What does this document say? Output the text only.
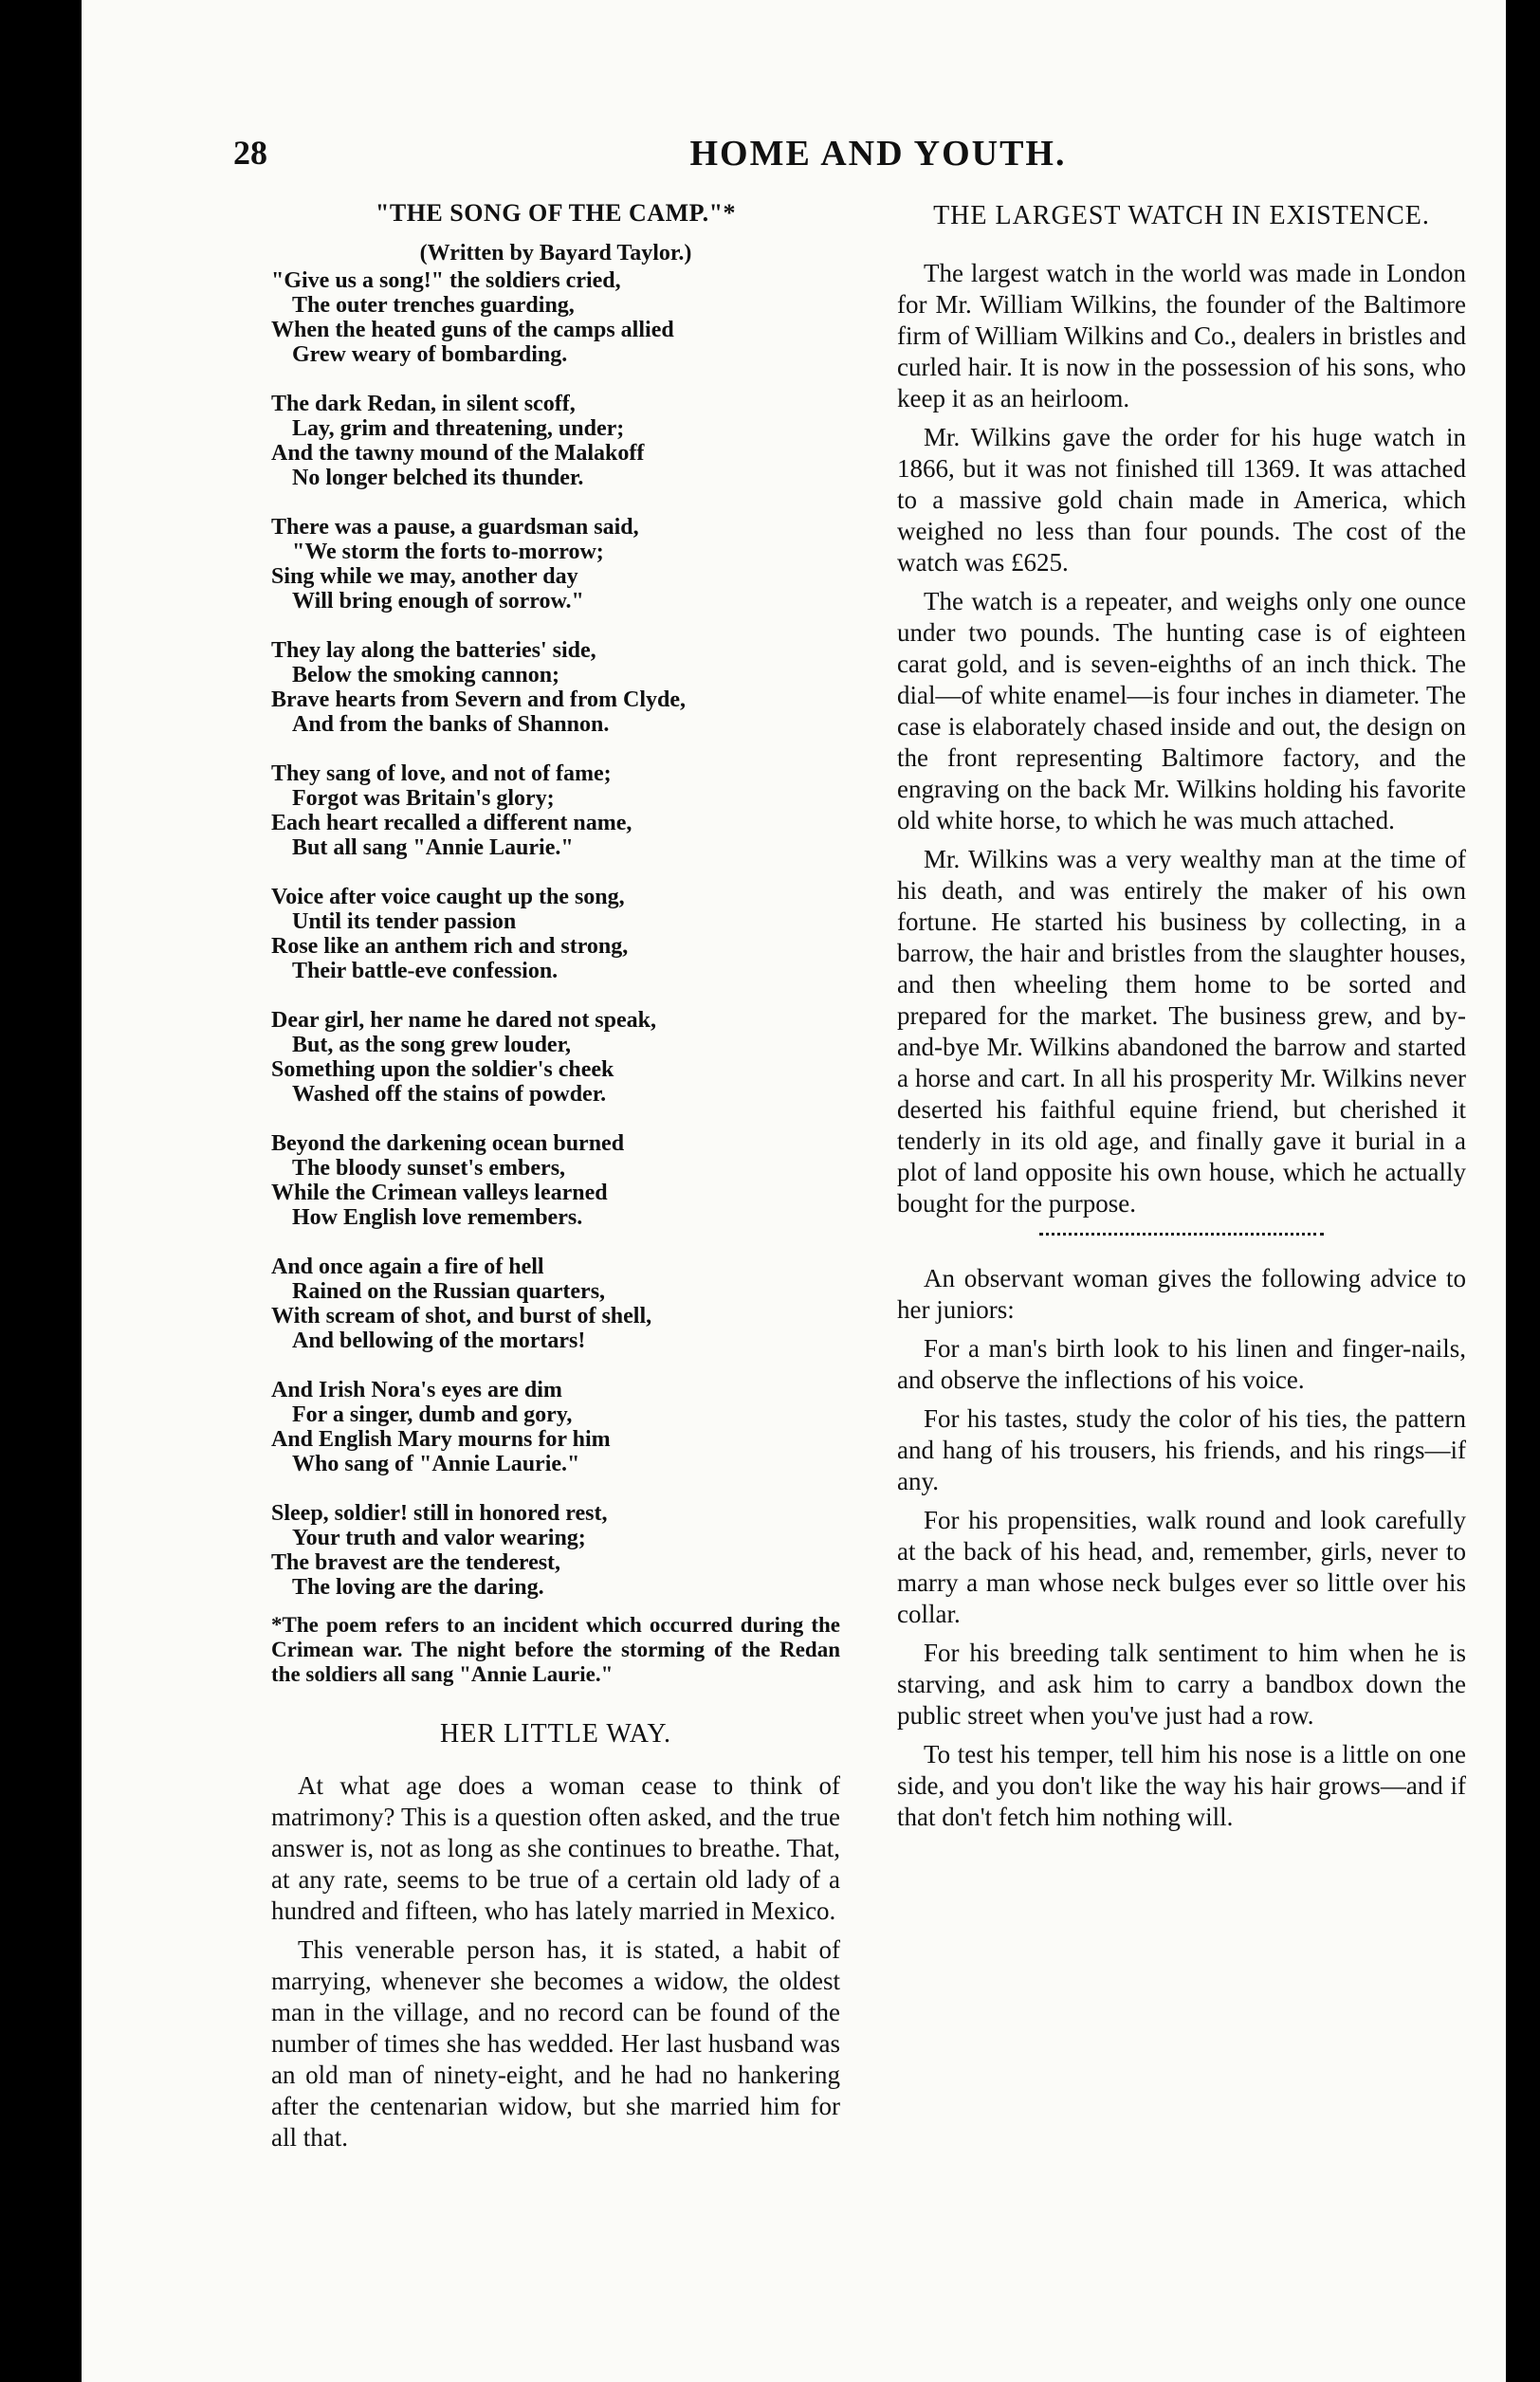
28	HOME AND YOUTH.
"THE SONG OF THE CAMP."*
(Written by Bayard Taylor.)
"Give us a song!" the soldiers cried,
The outer trenches guarding,
When the heated guns of the camps allied
Grew weary of bombarding.
The dark Redan, in silent scoff,
Lay, grim and threatening, under;
And the tawny mound of the Malakoff
No longer belched its thunder.
There was a pause, a guardsman said,
"We storm the forts to-morrow;
Sing while we may, another day
Will bring enough of sorrow."
They lay along the batteries' side,
Below the smoking cannon;
Brave hearts from Severn and from Clyde,
And from the banks of Shannon.
They sang of love, and not of fame;
Forgot was Britain's glory;
Each heart recalled a different name,
But all sang "Annie Laurie."
Voice after voice caught up the song,
Until its tender passion
Rose like an anthem rich and strong,
Their battle-eve confession.
Dear girl, her name he dared not speak,
But, as the song grew louder,
Something upon the soldier's cheek
Washed off the stains of powder.
Beyond the darkening ocean burned
The bloody sunset's embers,
While the Crimean valleys learned
How English love remembers.
And once again a fire of hell
Rained on the Russian quarters,
With scream of shot, and burst of shell,
And bellowing of the mortars!
And Irish Nora's eyes are dim
For a singer, dumb and gory,
And English Mary mourns for him
Who sang of "Annie Laurie."
Sleep, soldier! still in honored rest,
Your truth and valor wearing;
The bravest are the tenderest,
The loving are the daring.
*The poem refers to an incident which occurred during the Crimean war. The night before the storming of the Redan the soldiers all sang "Annie Laurie."
HER LITTLE WAY.

At what age does a woman cease to think of matrimony? This is a question often asked, and the true answer is, not as long as she continues to breathe. That, at any rate, seems to be true of a certain old lady of a hundred and fifteen, who has lately married in Mexico.

This venerable person has, it is stated, a habit of marrying, whenever she becomes a widow, the oldest man in the village, and no record can be found of the number of times she has wedded. Her last husband was an old man of ninety-eight, and he had no hankering after the centenarian widow, but she married him for all that.

THE LARGEST WATCH IN EXISTENCE.

The largest watch in the world was made in London for Mr. William Wilkins, the founder of the Baltimore firm of William Wilkins and Co., dealers in bristles and curled hair. It is now in the possession of his sons, who keep it as an heirloom.

Mr. Wilkins gave the order for his huge watch in 1866, but it was not finished till 1369. It was attached to a massive gold chain made in America, which weighed no less than four pounds. The cost of the watch was £625.

The watch is a repeater, and weighs only one ounce under two pounds. The hunting case is of eighteen carat gold, and is seven-eighths of an inch thick. The dial—of white enamel—is four inches in diameter. The case is elaborately chased inside and out, the design on the front representing Baltimore factory, and the engraving on the back Mr. Wilkins holding his favorite old white horse, to which he was much attached.

Mr. Wilkins was a very wealthy man at the time of his death, and was entirely the maker of his own fortune. He started his business by collecting, in a barrow, the hair and bristles from the slaughter houses, and then wheeling them home to be sorted and prepared for the market. The business grew, and by-and-bye Mr. Wilkins abandoned the barrow and started a horse and cart. In all his prosperity Mr. Wilkins never deserted his faithful equine friend, but cherished it tenderly in its old age, and finally gave it burial in a plot of land opposite his own house, which he actually bought for the purpose.

An observant woman gives the following advice to her juniors:

For a man's birth look to his linen and finger-nails, and observe the inflections of his voice.

For his tastes, study the color of his ties, the pattern and hang of his trousers, his friends, and his rings—if any.

For his propensities, walk round and look carefully at the back of his head, and, remember, girls, never to marry a man whose neck bulges ever so little over his collar.

For his breeding talk sentiment to him when he is starving, and ask him to carry a bandbox down the public street when you've just had a row.

To test his temper, tell him his nose is a little on one side, and you don't like the way his hair grows—and if that don't fetch him nothing will.
